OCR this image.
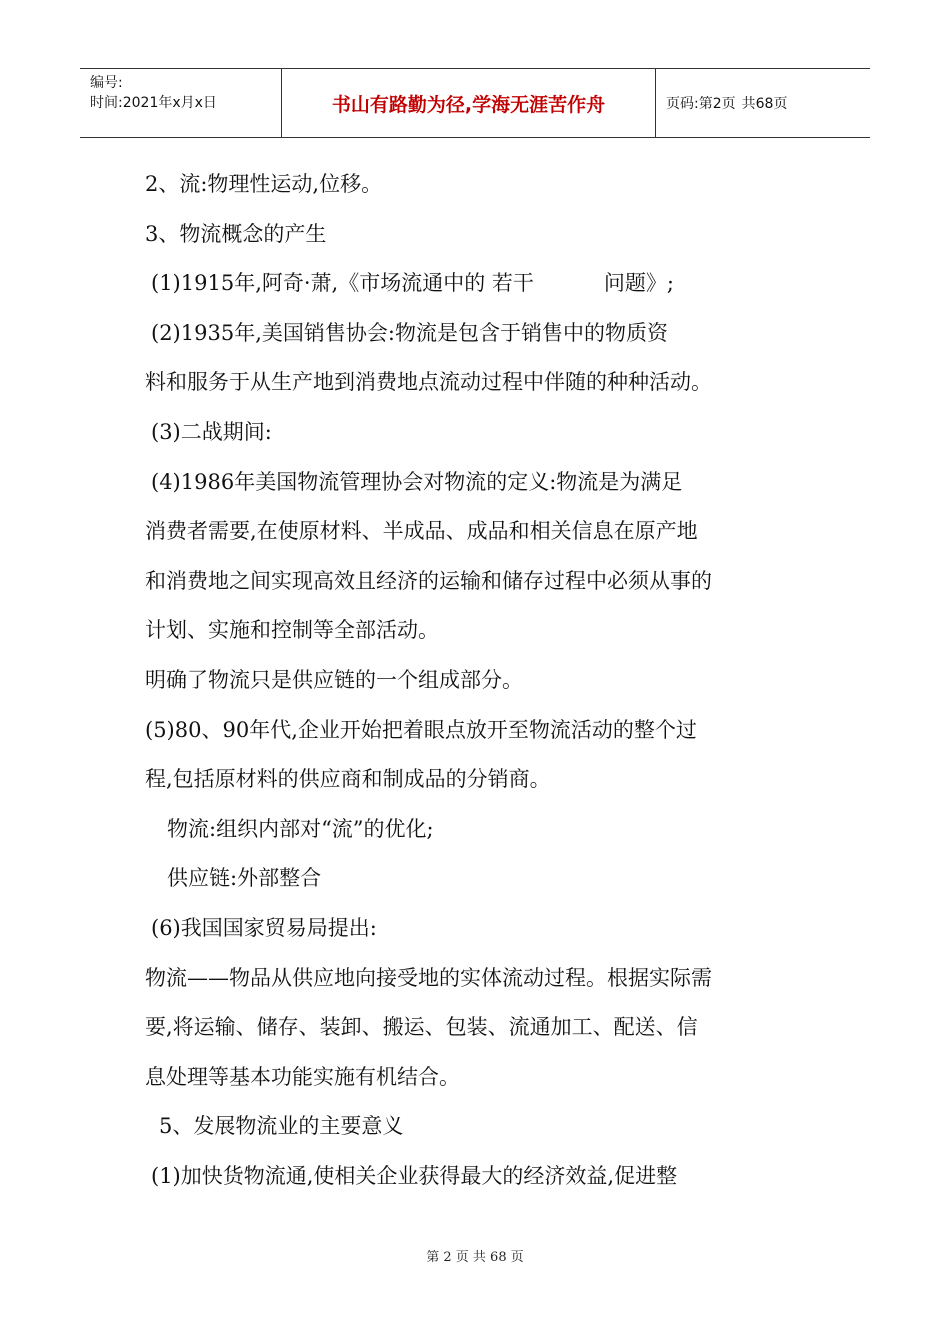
编号:
时间:2021年x月x日	书山有路勤为径,学海无涯苦作舟	页码:第2页 共68页

2、流:物理性运动,位移。

3、物流概念的产生

(1)1915年,阿奇·萧,《市场流通中的 若干	问题》;

(2)1935年,美国销售协会:物流是包含于销售中的物质资

料和服务于从生产地到消费地点流动过程中伴随的种种活动。

(3)二战期间:

(4)1986年美国物流管理协会对物流的定义:物流是为满足

消费者需要,在使原材料、半成品、成品和相关信息在原产地

和消费地之间实现高效且经济的运输和储存过程中必须从事的

计划、实施和控制等全部活动。

明确了物流只是供应链的一个组成部分。

(5)80、90年代,企业开始把着眼点放开至物流活动的整个过

程,包括原材料的供应商和制成品的分销商。

物流:组织内部对“流”的优化;

供应链:外部整合

(6)我国国家贸易局提出:

物流——物品从供应地向接受地的实体流动过程。根据实际需

要,将运输、储存、装卸、搬运、包装、流通加工、配送、信

息处理等基本功能实施有机结合。

5、发展物流业的主要意义

(1)加快货物流通,使相关企业获得最大的经济效益,促进整

第 2 页 共 68 页
